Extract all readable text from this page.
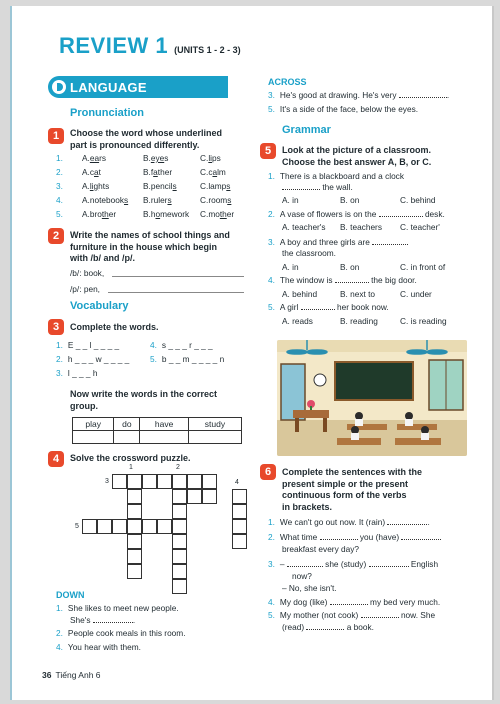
REVIEW 1 (UNITS 1 - 2 - 3)
LANGUAGE
Pronunciation
1	Choose the word whose underlined
part is pronounced differently.
1.	A.ears	B.eyes	C.lips
2.	A.cat	B.father	C.calm
3.	A.lights	B.pencils	C.lamps
4.	A.notebooks B.rulers	C.rooms
5.	A.brother	B.homework C.mother
2	Write the names of school things and
furniture in the house which begin
with /b/ and /p/.
/b/: book,
/p/: pen,
Vocabulary
3	Complete the words.
1. E _ _ l _ _ _ _	4. s _ _ _ r _ _ _
2. h _ _ _ w _ _ _ _ 5. b _ _ m _ _ _ _ n
3. l _ _ _ h
Now write the words in the correct
group.
play	do	have	study

4	Solve the crossword puzzle.
1	2
3	4
5
DOWN
1. She likes to meet new people.
She's	.
2. People cook meals in this room.
4. You hear with them.
ACROSS
3. He's good at drawing. He's very	.
5. It's a side of the face, below the eyes.
Grammar
5	Look at the picture of a classroom.
Choose the best answer A, B, or C.
1. There is a blackboard and a clock
the wall.
A. in	B. on	C. behind
2. A vase of flowers is on the	desk.
A. teacher's B. teachers C. teacher'
3. A boy and three girls are
the classroom.
A. in	B. on	C. in front of
4. The window is	the big door.
A. behind	B. next to	C. under
5. A girl	her book now.
A. reads	B. reading	C. is reading
6	Complete the sentences with the
present simple or the present
continuous form of the verbs
in brackets.
1. We can't go out now. It (rain)	.
2. What time	you (have)
breakfast every day?
3. –	she (study)	English
now?
– No, she isn't.
4. My dog (like)	my bed very much.
5. My mother (not cook)	now. She
(read)	a book.
36 Tiếng Anh 6
